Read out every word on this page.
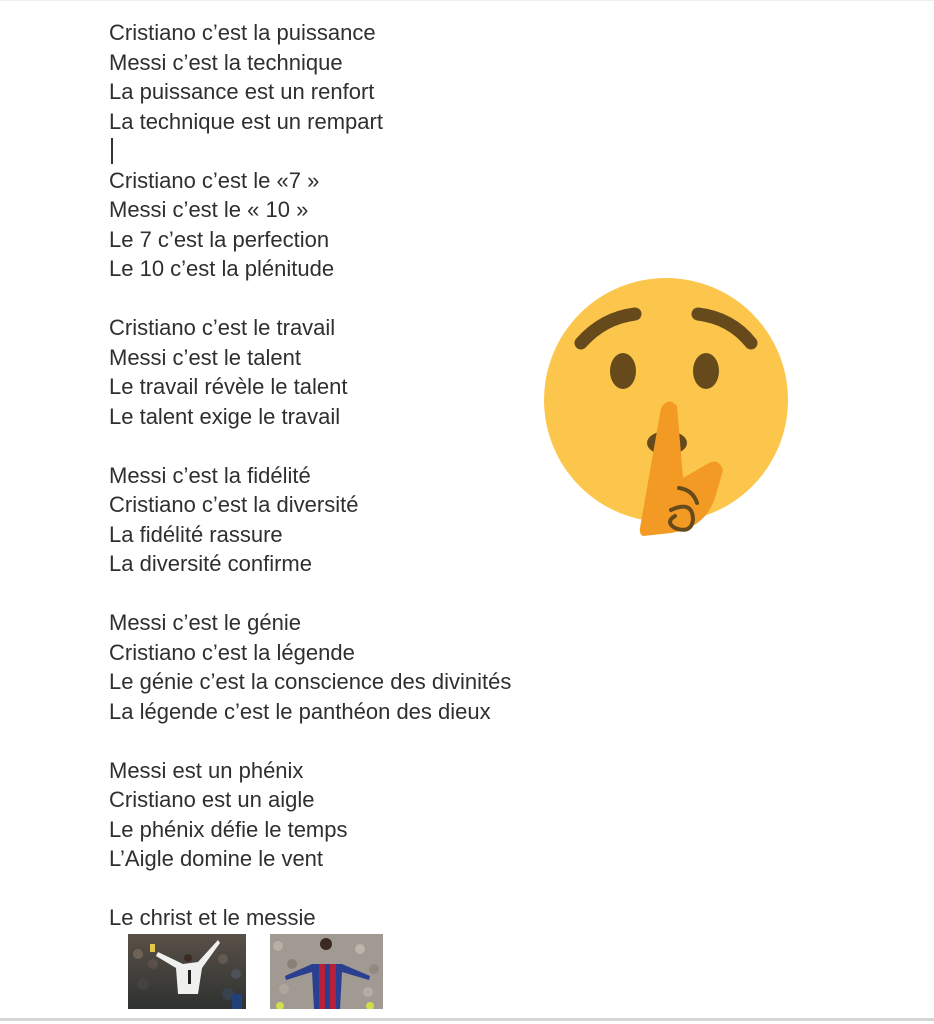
Cristiano c’est la puissance
Messi c’est la technique
La puissance est un renfort
La technique est un rempart
Cristiano c’est le «7 »
Messi c’est le « 10 »
Le 7 c’est la perfection
Le 10 c’est la plénitude
Cristiano c’est le travail
Messi c’est le talent
Le travail révèle le talent
Le talent exige le travail
Messi c’est la fidélité
Cristiano c’est la diversité
La fidélité rassure
La diversité confirme
Messi c’est le génie
Cristiano c’est la légende
Le génie c’est la conscience des divinités
La légende c’est le panthéon des dieux
Messi est un phénix
Cristiano est un aigle
Le phénix défie le temps
L’Aigle domine le vent
Le christ et le messie
